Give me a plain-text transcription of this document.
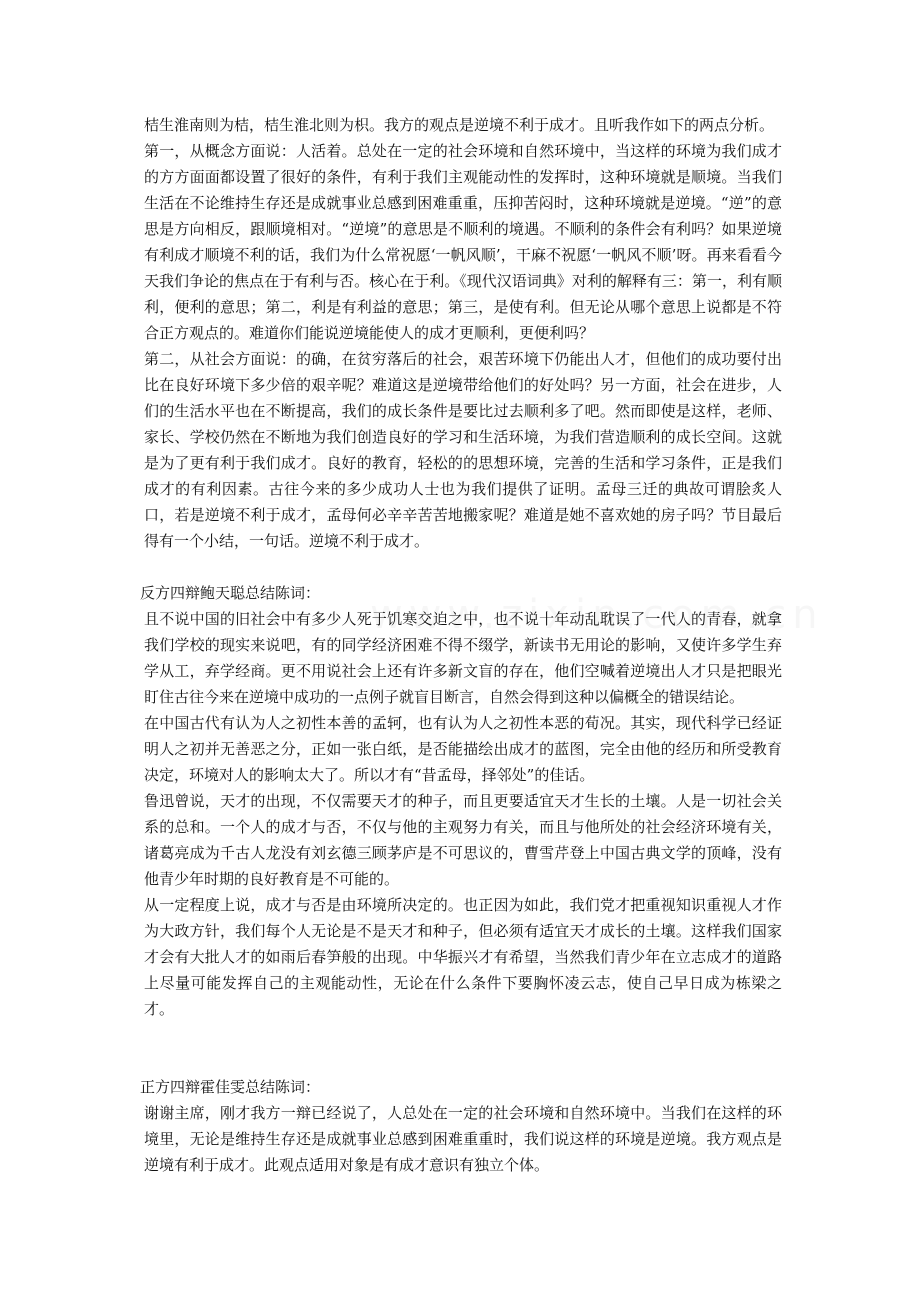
桔生淮南则为桔，桔生淮北则为枳。我方的观点是逆境不利于成才。且听我作如下的两点分析。

第一，从概念方面说：人活着。总处在一定的社会环境和自然环境中，当这样的环境为我们成才的方方面面都设置了很好的条件，有利于我们主观能动性的发挥时，这种环境就是顺境。当我们生活在不论维持生存还是成就事业总感到困难重重，压抑苦闷时，这种环境就是逆境。“逆”的意思是方向相反，跟顺境相对。“逆境”的意思是不顺利的境遇。不顺利的条件会有利吗？如果逆境有利成才顺境不利的话，我们为什么常祝愿‘一帆风顺’，干麻不祝愿‘一帆风不顺’呀。再来看看今天我们争论的焦点在于有利与否。核心在于利。《现代汉语词典》对利的解释有三：第一，利有顺利，便利的意思；第二，利是有利益的意思；第三，是使有利。但无论从哪个意思上说都是不符合正方观点的。难道你们能说逆境能使人的成才更顺利，更便利吗？

第二，从社会方面说：的确，在贫穷落后的社会，艰苦环境下仍能出人才，但他们的成功要付出比在良好环境下多少倍的艰辛呢？难道这是逆境带给他们的好处吗？另一方面，社会在进步，人们的生活水平也在不断提高，我们的成长条件是要比过去顺利多了吧。然而即使是这样，老师、家长、学校仍然在不断地为我们创造良好的学习和生活环境，为我们营造顺利的成长空间。这就是为了更有利于我们成才。良好的教育，轻松的的思想环境，完善的生活和学习条件，正是我们成才的有利因素。古往今来的多少成功人士也为我们提供了证明。孟母三迁的典故可谓脍炙人口，若是逆境不利于成才，孟母何必辛辛苦苦地搬家呢？难道是她不喜欢她的房子吗？节目最后得有一个小结，一句话。逆境不利于成才。

反方四辩鲍天聪总结陈词：

且不说中国的旧社会中有多少人死于饥寒交迫之中，也不说十年动乱耽误了一代人的青春，就拿我们学校的现实来说吧，有的同学经济困难不得不缀学，新读书无用论的影响，又使许多学生弃学从工，弃学经商。更不用说社会上还有许多新文盲的存在，他们空喊着逆境出人才只是把眼光盯住古往今来在逆境中成功的一点例子就盲目断言，自然会得到这种以偏概全的错误结论。

在中国古代有认为人之初性本善的孟轲，也有认为人之初性本恶的荀况。其实，现代科学已经证明人之初并无善恶之分，正如一张白纸，是否能描绘出成才的蓝图，完全由他的经历和所受教育决定，环境对人的影响太大了。所以才有“昔孟母，择邻处”的佳话。

鲁迅曾说，天才的出现，不仅需要天才的种子，而且更要适宜天才生长的土壤。人是一切社会关系的总和。一个人的成才与否，不仅与他的主观努力有关，而且与他所处的社会经济环境有关，诸葛亮成为千古人龙没有刘玄德三顾茅庐是不可思议的，曹雪芹登上中国古典文学的顶峰，没有他青少年时期的良好教育是不可能的。

从一定程度上说，成才与否是由环境所决定的。也正因为如此，我们党才把重视知识重视人才作为大政方针，我们每个人无论是不是天才和种子，但必须有适宜天才成长的土壤。这样我们国家才会有大批人才的如雨后春笋般的出现。中华振兴才有希望，当然我们青少年在立志成才的道路上尽量可能发挥自己的主观能动性，无论在什么条件下要胸怀凌云志，使自己早日成为栋梁之才。

正方四辩霍佳雯总结陈词：

谢谢主席，刚才我方一辩已经说了，人总处在一定的社会环境和自然环境中。当我们在这样的环境里，无论是维持生存还是成就事业总感到困难重重时，我们说这样的环境是逆境。我方观点是逆境有利于成才。此观点适用对象是有成才意识有独立个体。
